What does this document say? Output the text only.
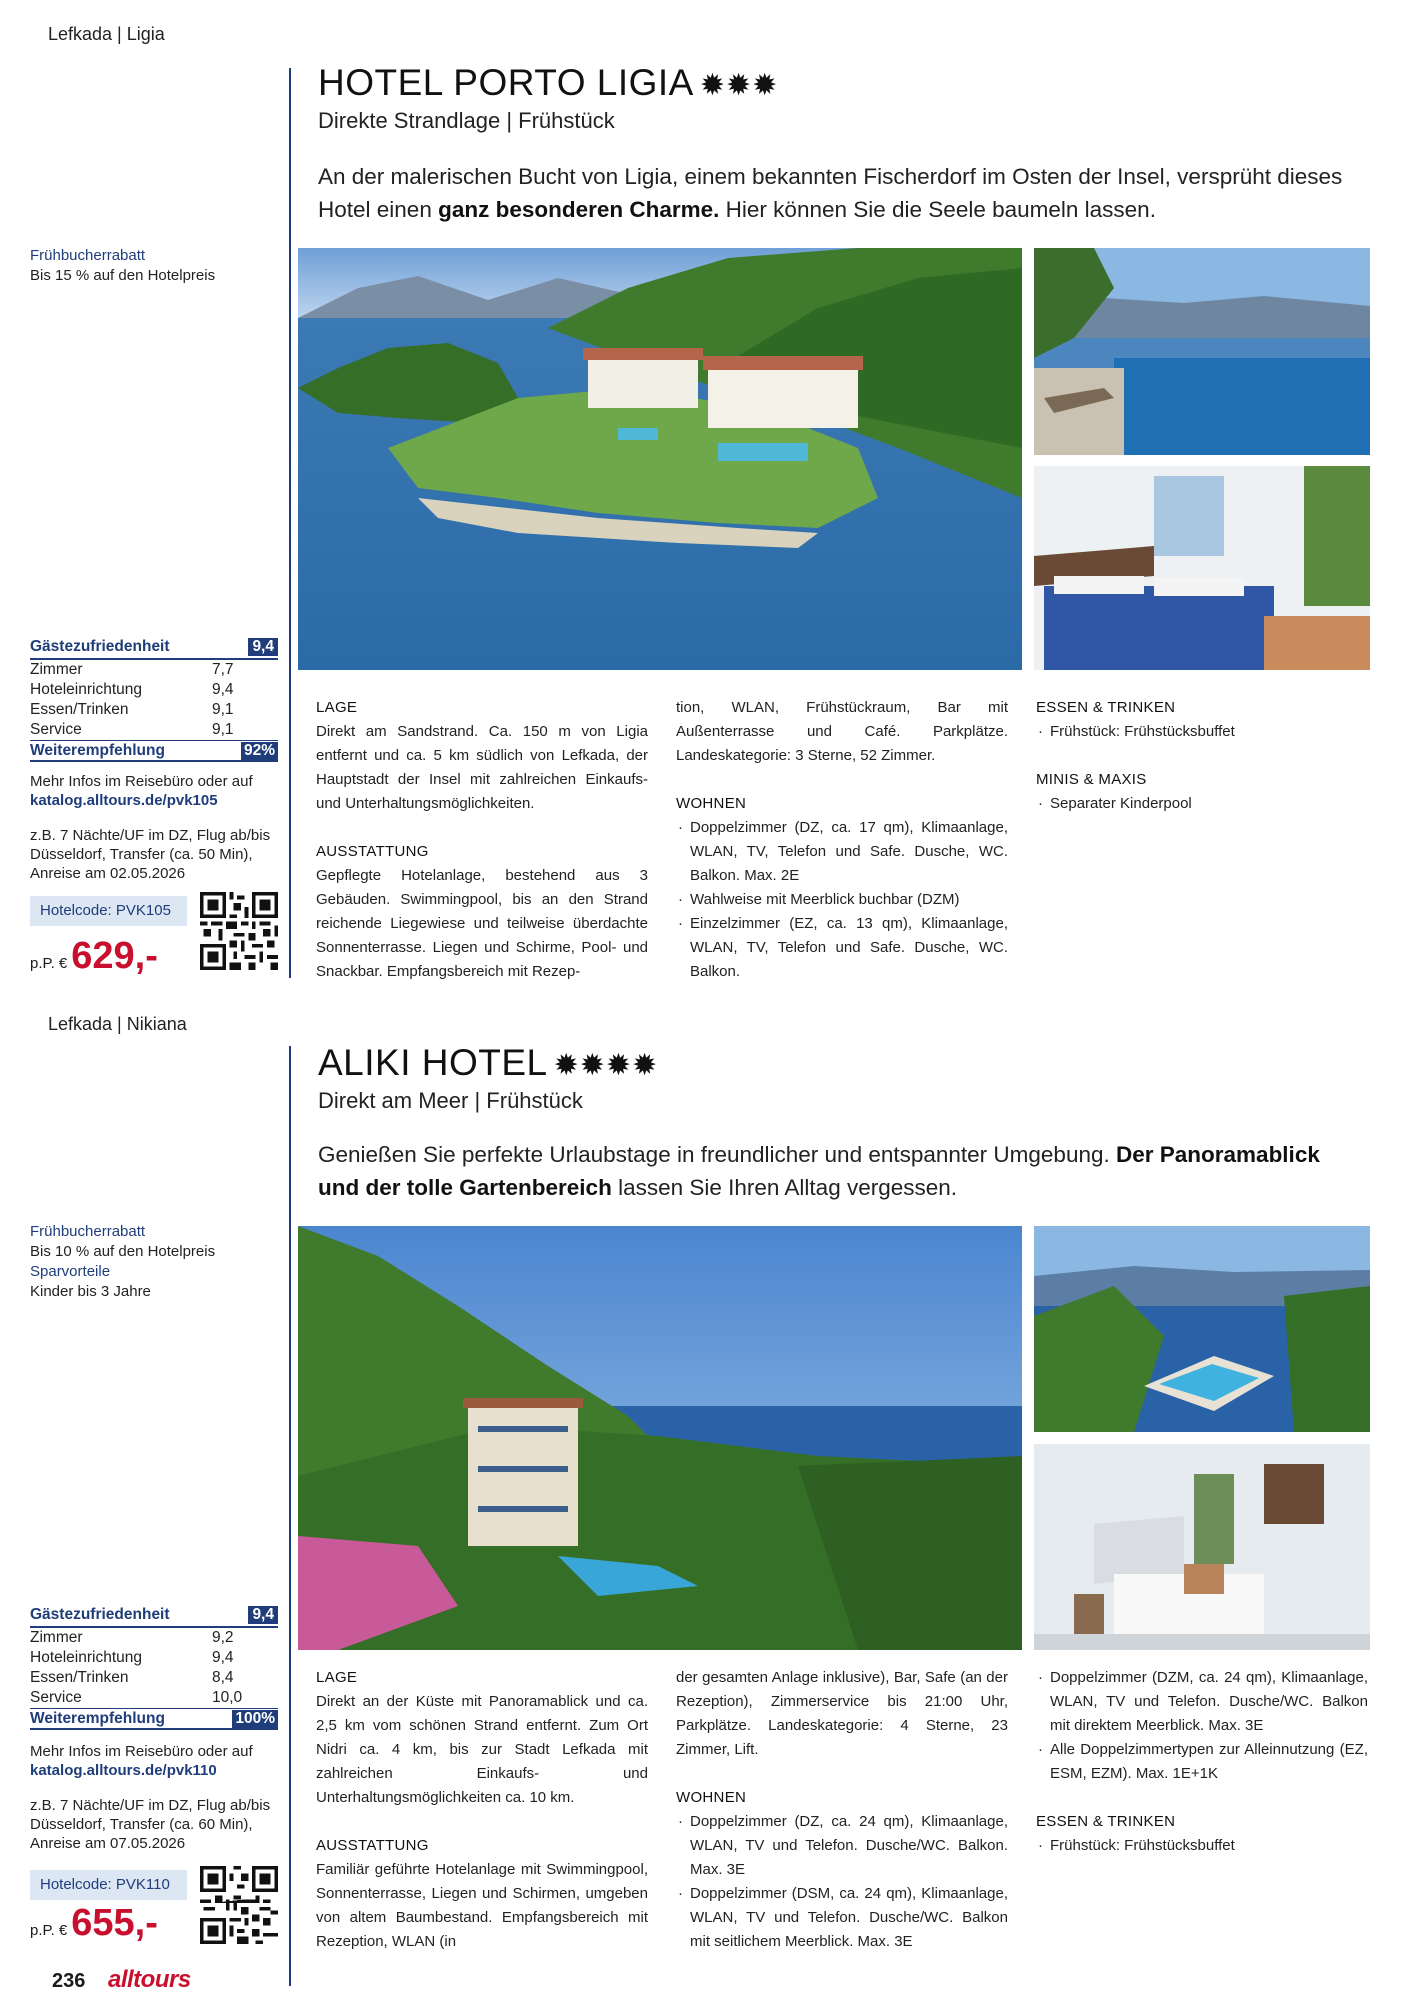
Lefkada | Ligia
HOTEL PORTO LIGIA ✹✹✹
Direkte Strandlage | Frühstück

An der malerischen Bucht von Ligia, einem bekannten Fischerdorf im Osten der Insel, versprüht dieses Hotel einen ganz besonderen Charme. Hier können Sie die Seele baumeln lassen.

Frühbucherrabatt
Bis 15 % auf den Hotelpreis
Gästezufriedenheit	9,4
Zimmer	7,7
Hoteleinrichtung	9,4
Essen/Trinken	9,1
Service	9,1
Weiterempfehlung	92%
Mehr Infos im Reisebüro oder auf
katalog.alltours.de/pvk105
z.B. 7 Nächte/UF im DZ, Flug ab/bis Düsseldorf, Transfer (ca. 50 Min), Anreise am 02.05.2026
Hotelcode: PVK105
p.P. € 629,-
LAGE

Direkt am Sandstrand. Ca. 150 m von Ligia entfernt und ca. 5 km südlich von Lefkada, der Hauptstadt der Insel mit zahlreichen Einkaufs- und Unterhaltungsmöglichkeiten.

AUSSTATTUNG

Gepflegte Hotelanlage, bestehend aus 3 Gebäuden. Swimmingpool, bis an den Strand reichende Liegewiese und teilweise überdachte Sonnenterrasse. Liegen und Schirme, Pool- und Snackbar. Empfangsbereich mit Rezep-

tion, WLAN, Frühstückraum, Bar mit Außenterrasse und Café. Parkplätze. Landeskategorie: 3 Sterne, 52 Zimmer.

WOHNEN
· Doppelzimmer (DZ, ca. 17 qm), Klimaanlage, WLAN, TV, Telefon und Safe. Dusche, WC. Balkon. Max. 2E
· Wahlweise mit Meerblick buchbar (DZM)
· Einzelzimmer (EZ, ca. 13 qm), Klimaanlage, WLAN, TV, Telefon und Safe. Dusche, WC. Balkon.
ESSEN & TRINKEN
· Frühstück: Frühstücksbuffet
MINIS & MAXIS
· Separater Kinderpool
Lefkada | Nikiana
ALIKI HOTEL ✹✹✹✹
Direkt am Meer | Frühstück

Genießen Sie perfekte Urlaubstage in freundlicher und entspannter Umgebung. Der Panoramablick und der tolle Gartenbereich lassen Sie Ihren Alltag vergessen.

Frühbucherrabatt
Bis 10 % auf den Hotelpreis
Sparvorteile
Kinder bis 3 Jahre
Gästezufriedenheit	9,4
Zimmer	9,2
Hoteleinrichtung	9,4
Essen/Trinken	8,4
Service	10,0
Weiterempfehlung	100%
Mehr Infos im Reisebüro oder auf
katalog.alltours.de/pvk110
z.B. 7 Nächte/UF im DZ, Flug ab/bis Düsseldorf, Transfer (ca. 60 Min), Anreise am 07.05.2026
Hotelcode: PVK110
p.P. € 655,-
LAGE

Direkt an der Küste mit Panoramablick und ca. 2,5 km vom schönen Strand entfernt. Zum Ort Nidri ca. 4 km, bis zur Stadt Lefkada mit zahlreichen Einkaufs- und Unterhaltungsmöglichkeiten ca. 10 km.

AUSSTATTUNG

Familiär geführte Hotelanlage mit Swimmingpool, Sonnenterrasse, Liegen und Schirmen, umgeben von altem Baumbestand. Empfangsbereich mit Rezeption, WLAN (in

der gesamten Anlage inklusive), Bar, Safe (an der Rezeption), Zimmerservice bis 21:00 Uhr, Parkplätze. Landeskategorie: 4 Sterne, 23 Zimmer, Lift.

WOHNEN
· Doppelzimmer (DZ, ca. 24 qm), Klimaanlage, WLAN, TV und Telefon. Dusche/WC. Balkon. Max. 3E
· Doppelzimmer (DSM, ca. 24 qm), Klimaanlage, WLAN, TV und Telefon. Dusche/WC. Balkon mit seitlichem Meerblick. Max. 3E
· Doppelzimmer (DZM, ca. 24 qm), Klimaanlage, WLAN, TV und Telefon. Dusche/WC. Balkon mit direktem Meerblick. Max. 3E
· Alle Doppelzimmertypen zur Alleinnutzung (EZ, ESM, EZM). Max. 1E+1K
ESSEN & TRINKEN
· Frühstück: Frühstücksbuffet
236 alltours
